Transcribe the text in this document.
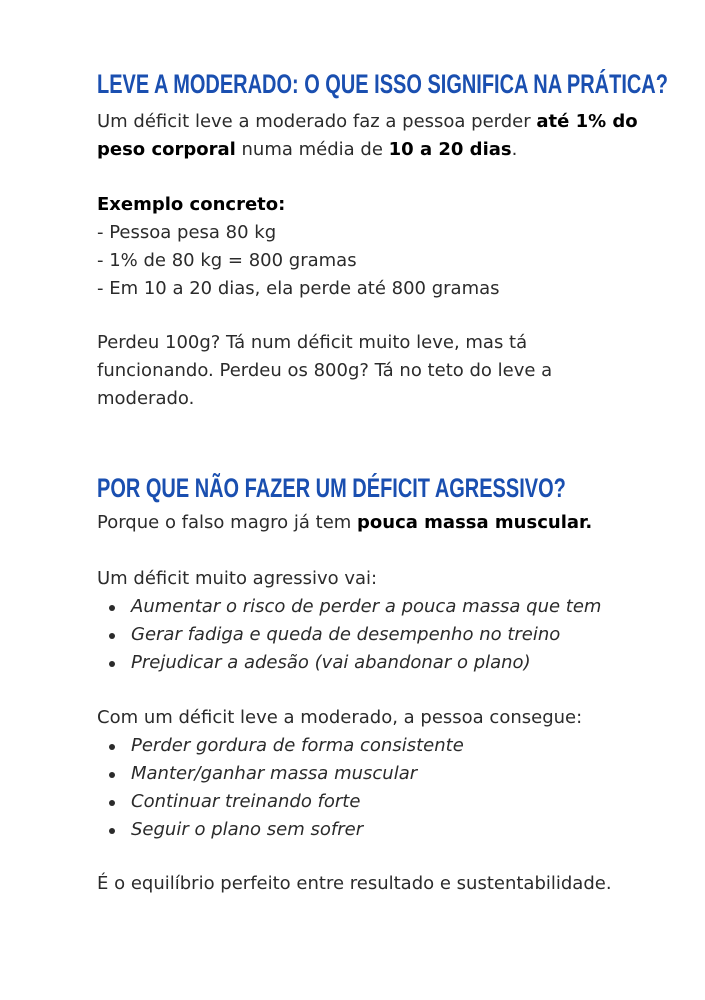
LEVE A MODERADO: O QUE ISSO SIGNIFICA NA PRÁTICA?

Um déficit leve a moderado faz a pessoa perder até 1% do
peso corporal numa média de 10 a 20 dias.

Exemplo concreto:
- Pessoa pesa 80 kg
- 1% de 80 kg = 800 gramas
- Em 10 a 20 dias, ela perde até 800 gramas

Perdeu 100g? Tá num déficit muito leve, mas tá
funcionando. Perdeu os 800g? Tá no teto do leve a
moderado.

POR QUE NÃO FAZER UM DÉFICIT AGRESSIVO?

Porque o falso magro já tem pouca massa muscular.

Um déficit muito agressivo vai:

Aumentar o risco de perder a pouca massa que tem
Gerar fadiga e queda de desempenho no treino
Prejudicar a adesão (vai abandonar o plano)

Com um déficit leve a moderado, a pessoa consegue:

Perder gordura de forma consistente
Manter/ganhar massa muscular
Continuar treinando forte
Seguir o plano sem sofrer

É o equilíbrio perfeito entre resultado e sustentabilidade.
